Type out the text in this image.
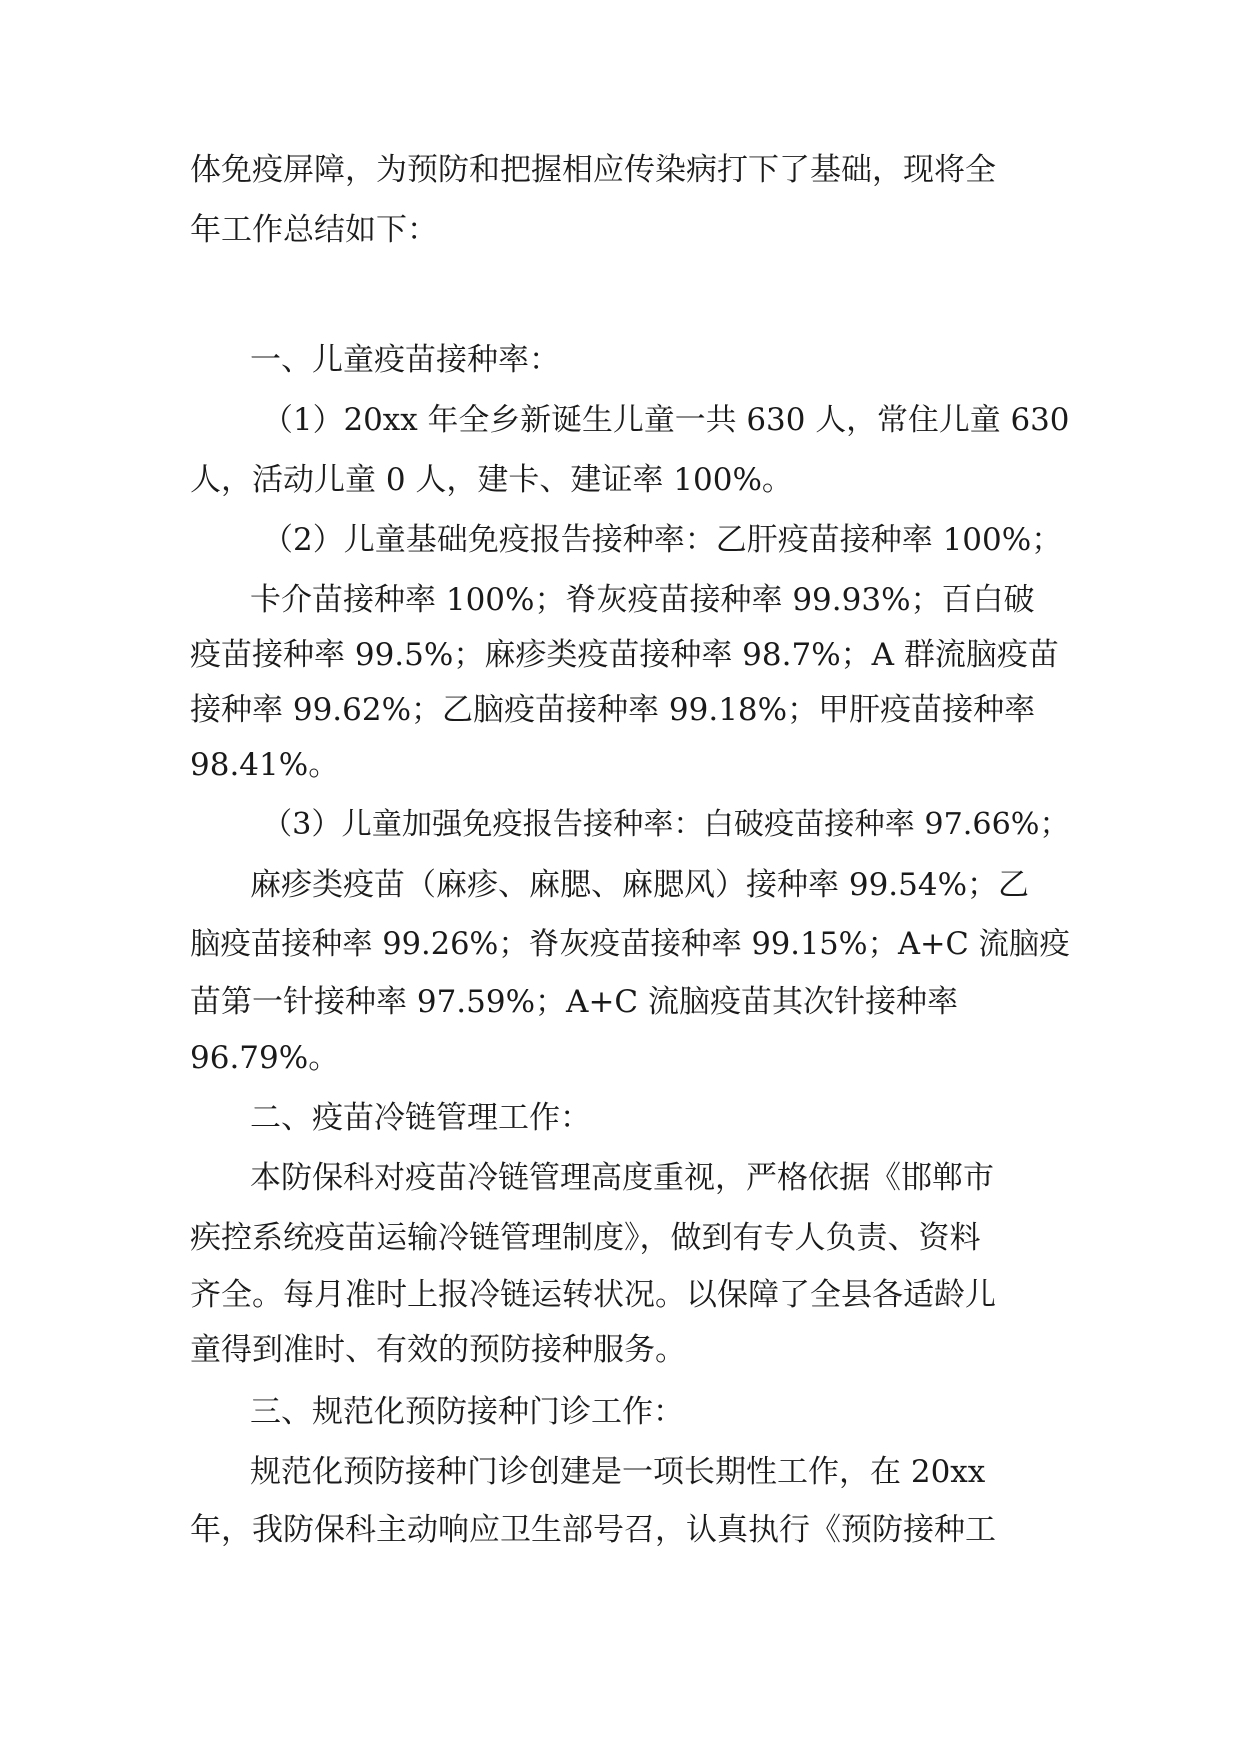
体免疫屏障，为预防和把握相应传染病打下了基础，现将全
年工作总结如下：
一、儿童疫苗接种率：
（1）20xx 年全乡新诞生儿童一共 630 人，常住儿童 630
人，活动儿童 0 人，建卡、建证率 100%。
（2）儿童基础免疫报告接种率：乙肝疫苗接种率 100%；
卡介苗接种率 100%；脊灰疫苗接种率 99.93%；百白破
疫苗接种率 99.5%；麻疹类疫苗接种率 98.7%；A 群流脑疫苗
接种率 99.62%；乙脑疫苗接种率 99.18%；甲肝疫苗接种率
98.41%。
（3）儿童加强免疫报告接种率：白破疫苗接种率 97.66%；
麻疹类疫苗（麻疹、麻腮、麻腮风）接种率 99.54%；乙
脑疫苗接种率 99.26%；脊灰疫苗接种率 99.15%；A+C 流脑疫
苗第一针接种率 97.59%；A+C 流脑疫苗其次针接种率
96.79%。
二、疫苗冷链管理工作：
本防保科对疫苗冷链管理高度重视，严格依据《邯郸市
疾控系统疫苗运输冷链管理制度》，做到有专人负责、资料
齐全。每月准时上报冷链运转状况。以保障了全县各适龄儿
童得到准时、有效的预防接种服务。
三、规范化预防接种门诊工作：
规范化预防接种门诊创建是一项长期性工作，在 20xx
年，我防保科主动响应卫生部号召，认真执行《预防接种工
